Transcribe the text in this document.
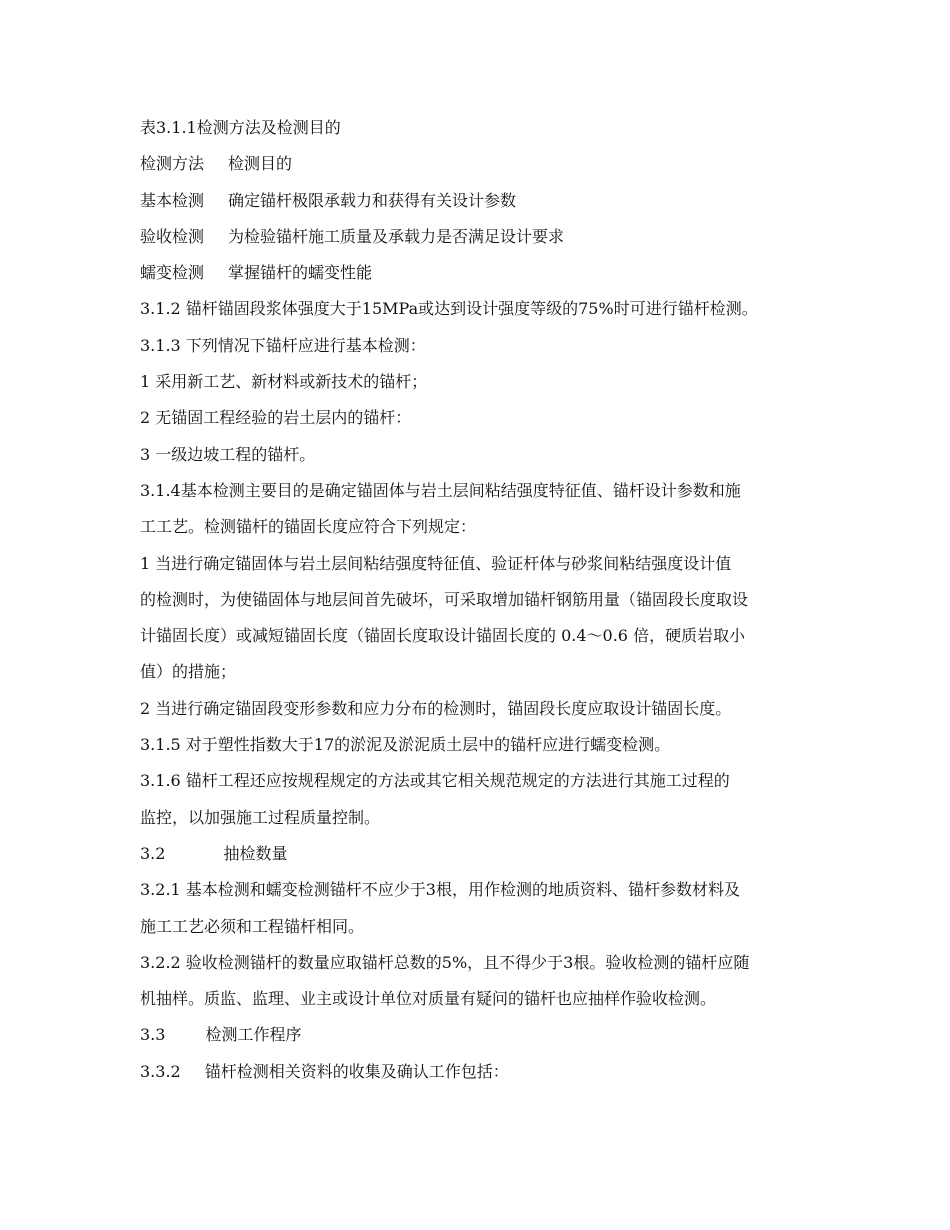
表3.1.1检测方法及检测目的
检测方法 检测目的
基本检测 确定锚杆极限承载力和获得有关设计参数
验收检测 为检验锚杆施工质量及承载力是否满足设计要求
蠕变检测 掌握锚杆的蠕变性能
3.1.2 锚杆锚固段浆体强度大于15MPa或达到设计强度等级的75%时可进行锚杆检测。
3.1.3 下列情况下锚杆应进行基本检测：
1 采用新工艺、新材料或新技术的锚杆；
2 无锚固工程经验的岩土层内的锚杆：
3 一级边坡工程的锚杆。
3.1.4基本检测主要目的是确定锚固体与岩土层间粘结强度特征值、锚杆设计参数和施
工工艺。检测锚杆的锚固长度应符合下列规定：
1 当进行确定锚固体与岩土层间粘结强度特征值、验证杆体与砂浆间粘结强度设计值
的检测时，为使锚固体与地层间首先破坏，可采取增加锚杆钢筋用量（锚固段长度取设
计锚固长度）或减短锚固长度（锚固长度取设计锚固长度的 0.4～0.6 倍，硬质岩取小
值）的措施；
2 当进行确定锚固段变形参数和应力分布的检测时，锚固段长度应取设计锚固长度。
3.1.5 对于塑性指数大于17的淤泥及淤泥质土层中的锚杆应进行蠕变检测。
3.1.6 锚杆工程还应按规程规定的方法或其它相关规范规定的方法进行其施工过程的
监控，以加强施工过程质量控制。
3.2	抽检数量
3.2.1 基本检测和蠕变检测锚杆不应少于3根，用作检测的地质资料、锚杆参数材料及
施工工艺必须和工程锚杆相同。
3.2.2 验收检测锚杆的数量应取锚杆总数的5%，且不得少于3根。验收检测的锚杆应随
机抽样。质监、监理、业主或设计单位对质量有疑问的锚杆也应抽样作验收检测。
3.3	检测工作程序
3.3.2 锚杆检测相关资料的收集及确认工作包括：
